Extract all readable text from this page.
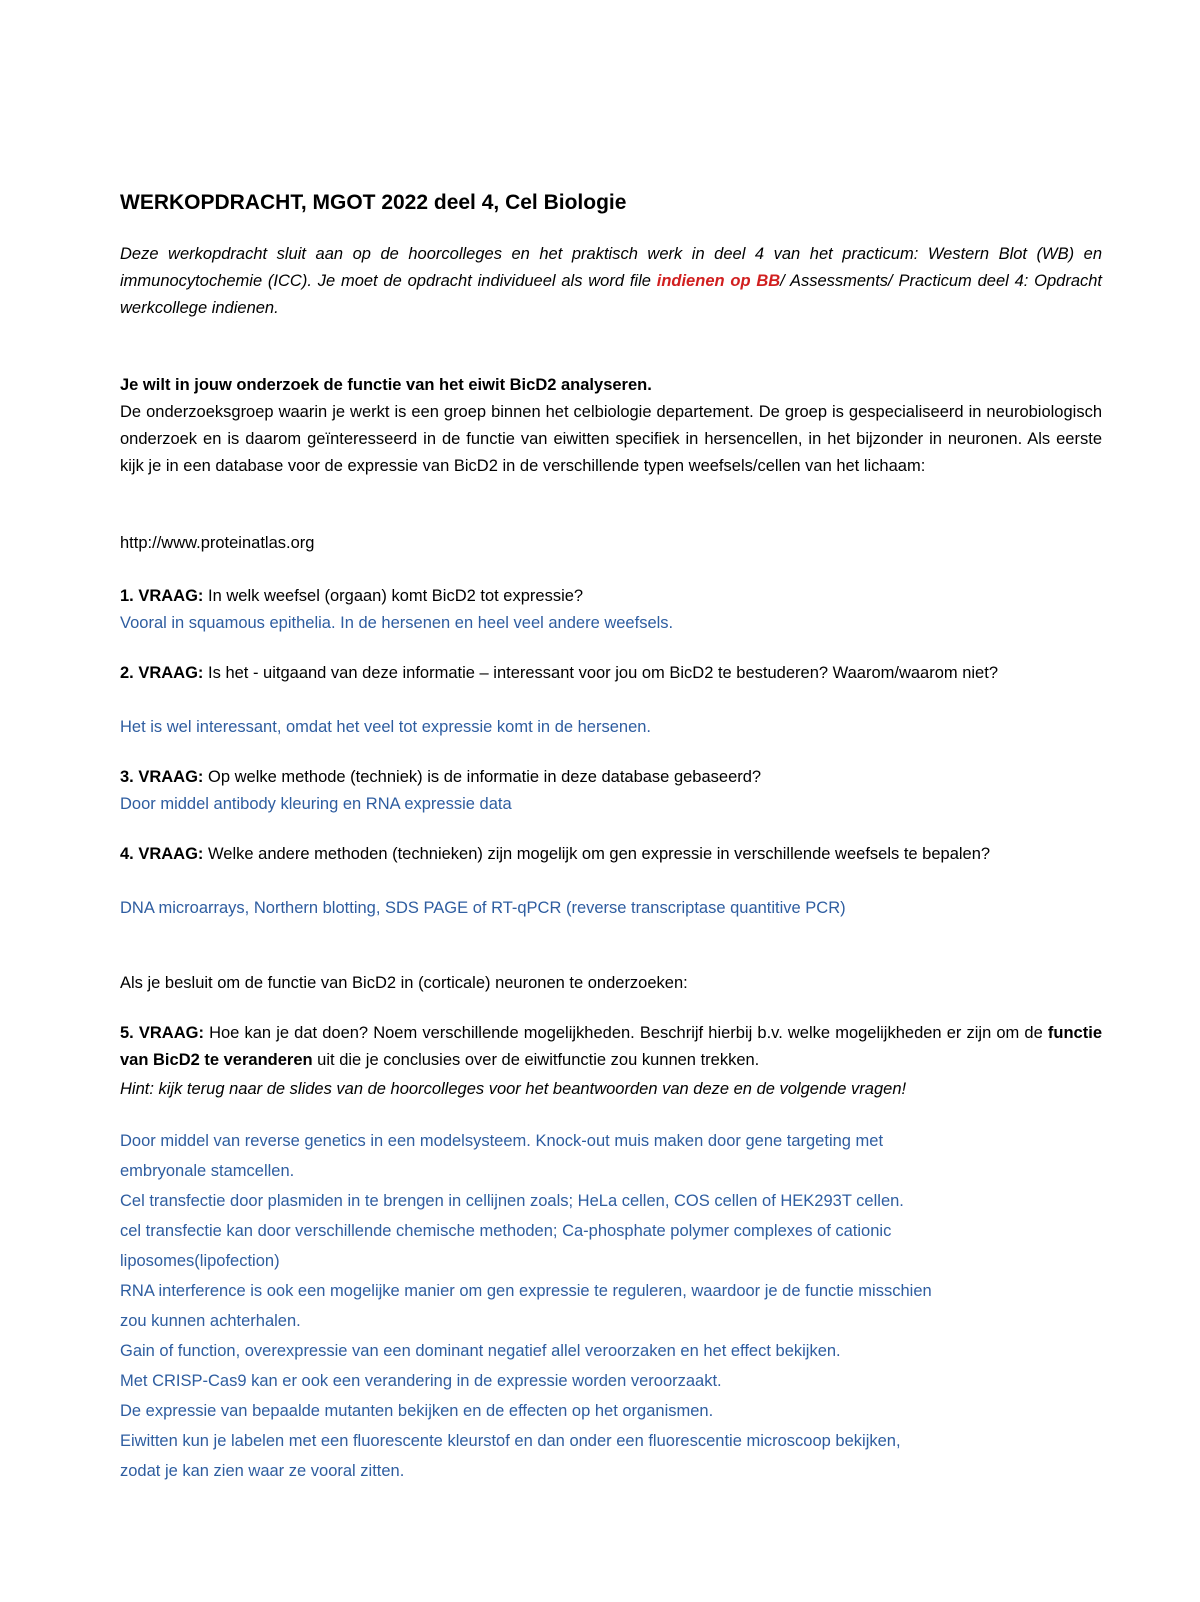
WERKOPDRACHT, MGOT 2022 deel 4, Cel Biologie

Deze werkopdracht sluit aan op de hoorcolleges en het praktisch werk in deel 4 van het practicum: Western Blot (WB) en immunocytochemie (ICC). Je moet de opdracht individueel als word file indienen op BB/ Assessments/ Practicum deel 4: Opdracht werkcollege indienen.

Je wilt in jouw onderzoek de functie van het eiwit BicD2 analyseren.

De onderzoeksgroep waarin je werkt is een groep binnen het celbiologie departement. De groep is gespecialiseerd in neurobiologisch onderzoek en is daarom geïnteresseerd in de functie van eiwitten specifiek in hersencellen, in het bijzonder in neuronen. Als eerste kijk je in een database voor de expressie van BicD2 in de verschillende typen weefsels/cellen van het lichaam:

http://www.proteinatlas.org

1. VRAAG: In welk weefsel (orgaan) komt BicD2 tot expressie?

Vooral in squamous epithelia. In de hersenen en heel veel andere weefsels.

2. VRAAG: Is het - uitgaand van deze informatie – interessant voor jou om BicD2 te bestuderen? Waarom/waarom niet?

Het is wel interessant, omdat het veel tot expressie komt in de hersenen.

3. VRAAG: Op welke methode (techniek) is de informatie in deze database gebaseerd?

Door middel antibody kleuring en RNA expressie data

4. VRAAG: Welke andere methoden (technieken) zijn mogelijk om gen expressie in verschillende weefsels te bepalen?

DNA microarrays, Northern blotting, SDS PAGE of RT-qPCR (reverse transcriptase quantitive PCR)

Als je besluit om de functie van BicD2 in (corticale) neuronen te onderzoeken:

5. VRAAG: Hoe kan je dat doen? Noem verschillende mogelijkheden. Beschrijf hierbij b.v. welke mogelijkheden er zijn om de functie van BicD2 te veranderen uit die je conclusies over de eiwitfunctie zou kunnen trekken.

Hint: kijk terug naar de slides van de hoorcolleges voor het beantwoorden van deze en de volgende vragen!

Door middel van reverse genetics in een modelsysteem. Knock-out muis maken door gene targeting met
embryonale stamcellen.
Cel transfectie door plasmiden in te brengen in cellijnen zoals; HeLa cellen, COS cellen of HEK293T cellen.
cel transfectie kan door verschillende chemische methoden; Ca-phosphate polymer complexes of cationic
liposomes(lipofection)
RNA interference is ook een mogelijke manier om gen expressie te reguleren, waardoor je de functie misschien
zou kunnen achterhalen.
Gain of function, overexpressie van een dominant negatief allel veroorzaken en het effect bekijken.
Met CRISP-Cas9 kan er ook een verandering in de expressie worden veroorzaakt.
De expressie van bepaalde mutanten bekijken en de effecten op het organismen.
Eiwitten kun je labelen met een fluorescente kleurstof en dan onder een fluorescentie microscoop bekijken,
zodat je kan zien waar ze vooral zitten.
